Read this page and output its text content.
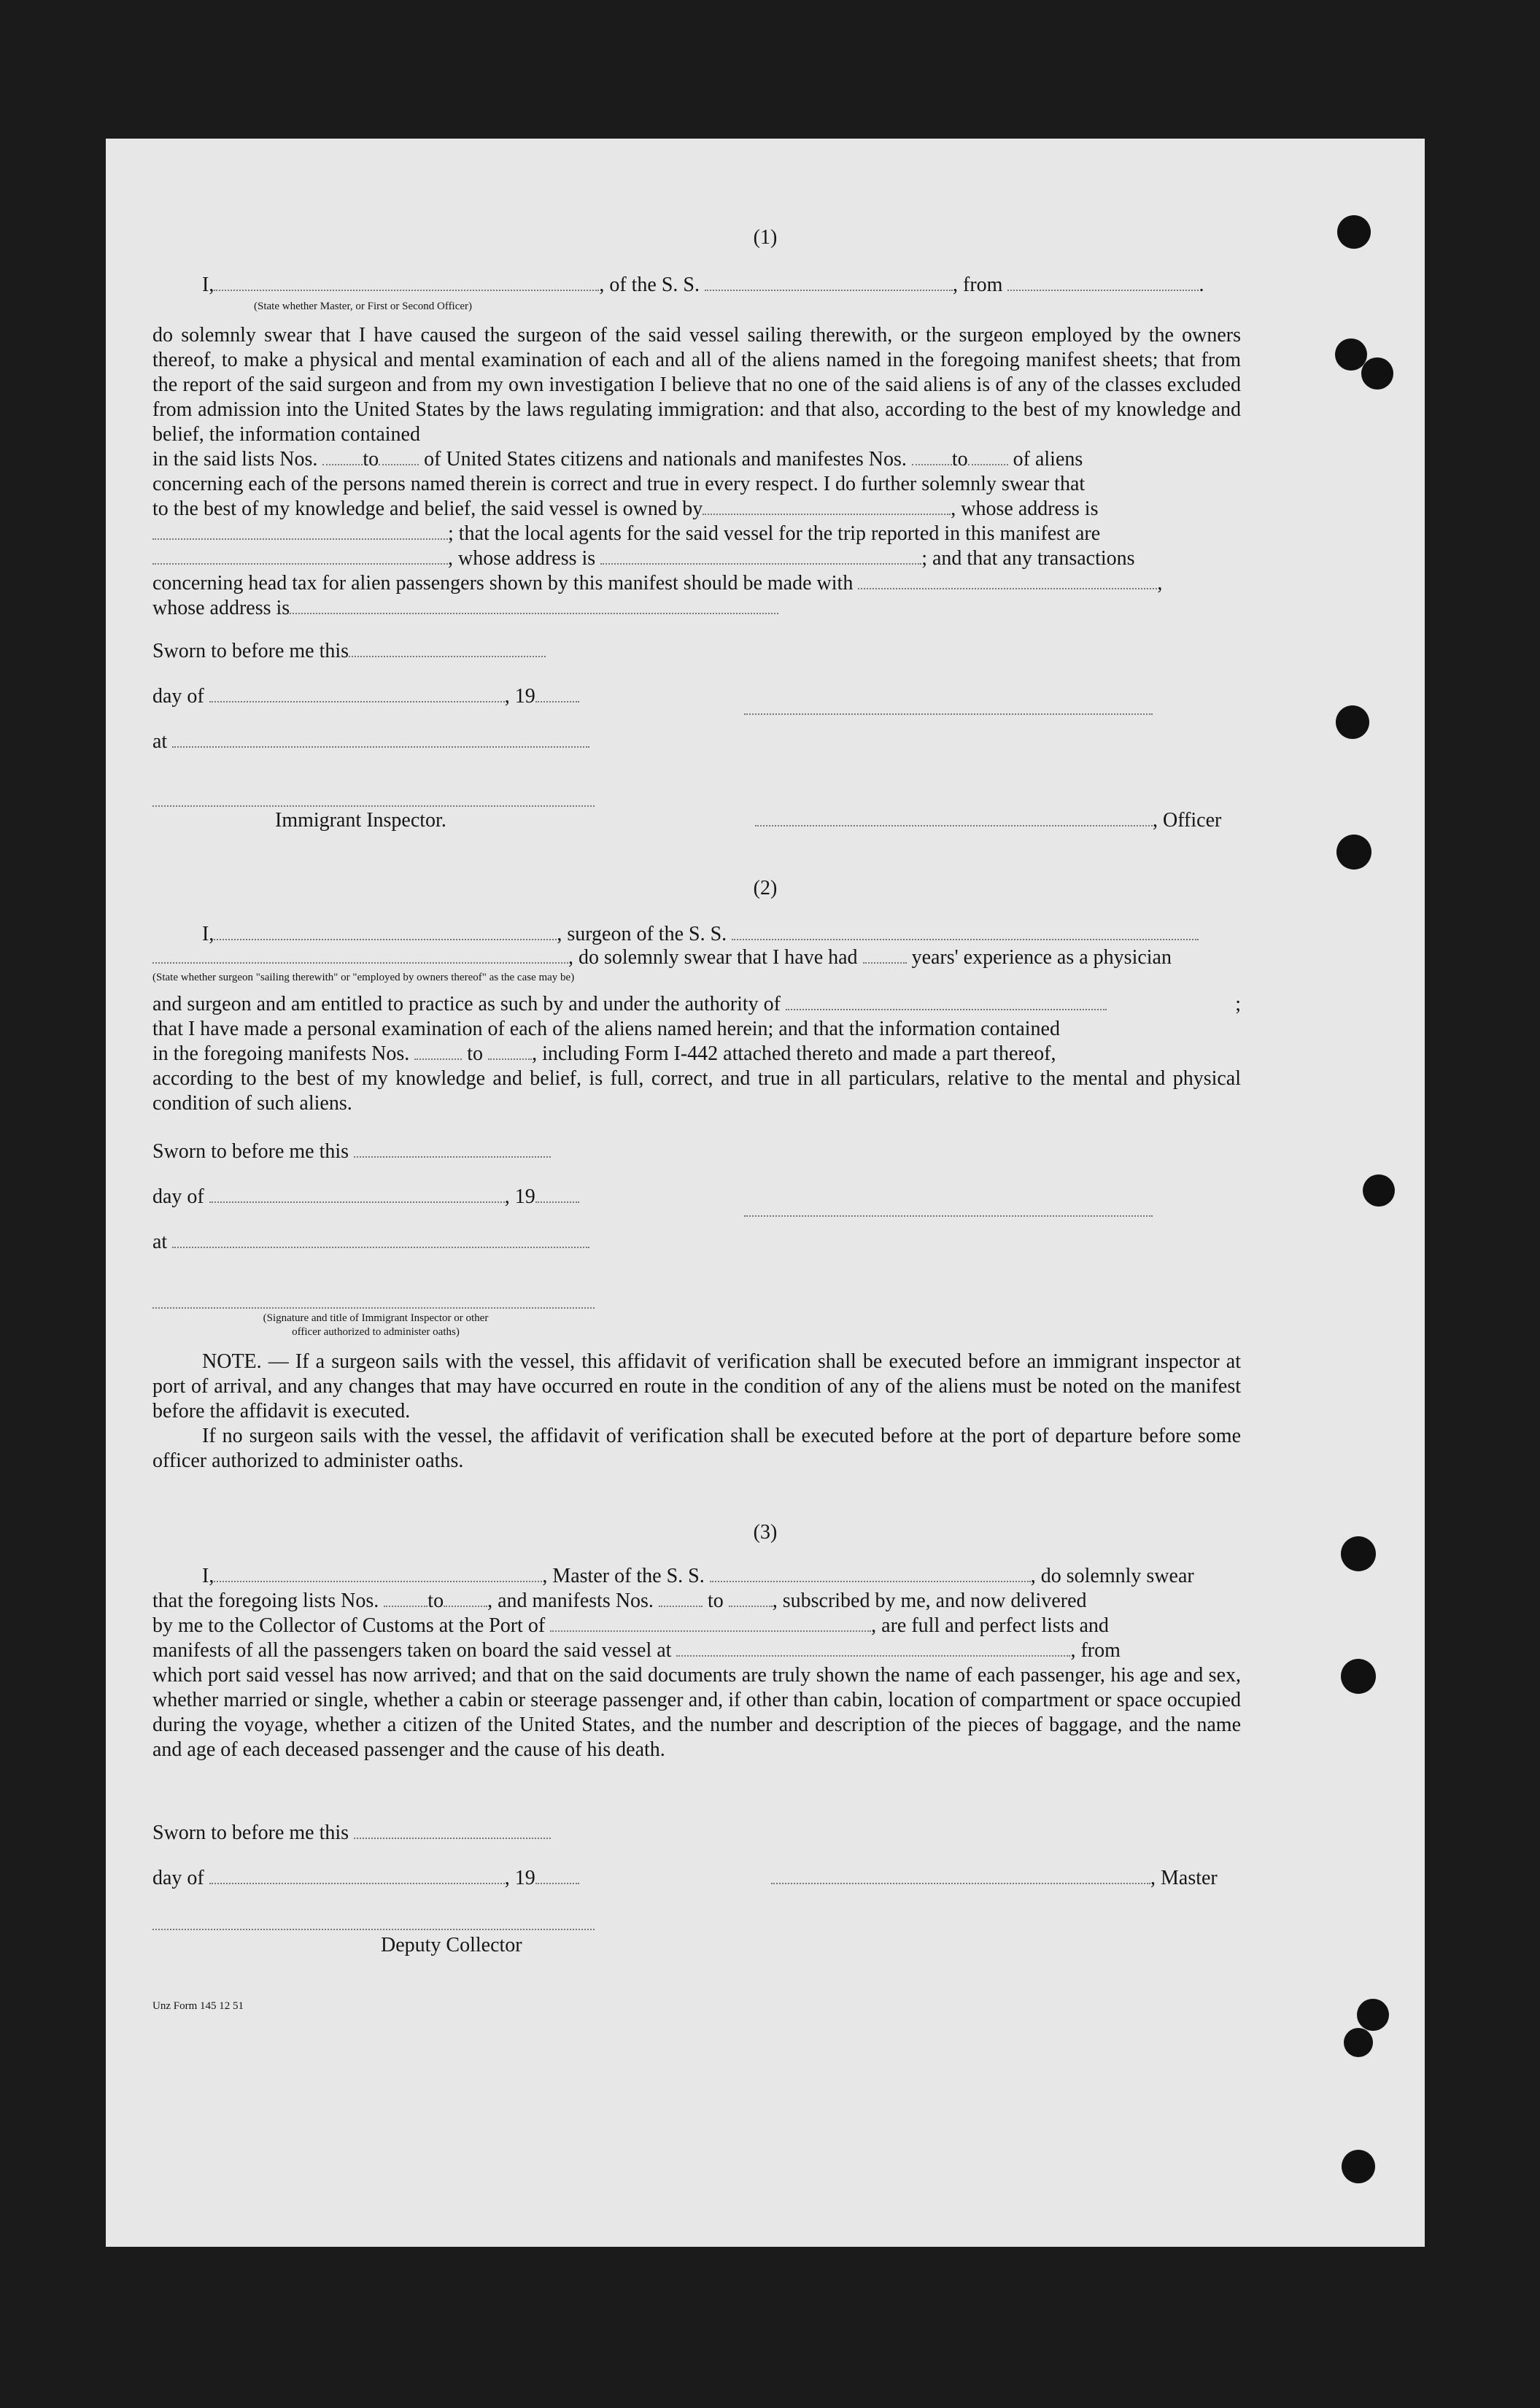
(1)
I,	, of the S. S.	, from	.
(State whether Master, or First or Second Officer)

do solemnly swear that I have caused the surgeon of the said vessel sailing therewith, or the surgeon employed by the owners thereof, to make a physical and mental examination of each and all of the aliens named in the foregoing manifest sheets; that from the report of the said surgeon and from my own investigation I believe that no one of the said aliens is of any of the classes excluded from admission into the United States by the laws regulating immigration: and that also, according to the best of my knowledge and belief, the information contained

in the said lists Nos. to of United States citizens and nationals and manifestes Nos. to of aliens

concerning each of the persons named therein is correct and true in every respect. I do further solemnly swear that

to the best of my knowledge and belief, the said vessel is owned by	, whose address is

; that the local agents for the said vessel for the trip reported in this manifest are

, whose address is	; and that any transactions

concerning head tax for alien passengers shown by this manifest should be made with	,

whose address is

Sworn to before me this
day of	, 19
at
Immigrant Inspector.	, Officer
(2)
I,	, surgeon of the S. S.
, do solemnly swear that I have had	years' experience as a physician
(State whether surgeon "sailing therewith" or "employed by owners thereof" as the case may be)

and surgeon and am entitled to practice as such by and under the authority of	;

that I have made a personal examination of each of the aliens named herein; and that the information contained

in the foregoing manifests Nos.	to , including Form I-442 attached thereto and made a part thereof,

according to the best of my knowledge and belief, is full, correct, and true in all particulars, relative to the mental and physical condition of such aliens.

Sworn to before me this
day of	, 19
at
(Signature and title of Immigrant Inspector or other
officer authorized to administer oaths)

NOTE. — If a surgeon sails with the vessel, this affidavit of verification shall be executed before an immigrant inspector at port of arrival, and any changes that may have occurred en route in the condition of any of the aliens must be noted on the manifest before the affidavit is executed.

If no surgeon sails with the vessel, the affidavit of verification shall be executed before at the port of departure before some officer authorized to administer oaths.

(3)
I,	, Master of the S. S.	, do solemnly swear

that the foregoing lists Nos. to , and manifests Nos.	to , subscribed by me, and now delivered

by me to the Collector of Customs at the Port of	, are full and perfect lists and

manifests of all the passengers taken on board the said vessel at	, from

which port said vessel has now arrived; and that on the said documents are truly shown the name of each passenger, his age and sex, whether married or single, whether a cabin or steerage passenger and, if other than cabin, location of compartment or space occupied during the voyage, whether a citizen of the United States, and the number and description of the pieces of baggage, and the name and age of each deceased passenger and the cause of his death.

Sworn to before me this
day of	, 19	, Master
Deputy Collector
Unz Form 145 12 51
